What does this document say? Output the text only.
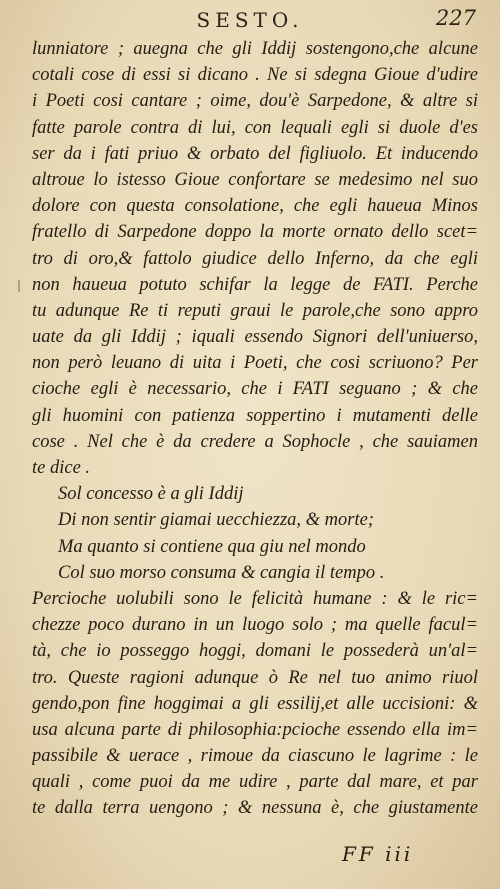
SESTO.	227
lunniatore ; auegna che gli Iddij sostengono,che alcune
cotali cose di essi si dicano . Ne si sdegna Gioue d'udire
i Poeti cosi cantare ; oime, dou'è Sarpedone, & altre si
fatte parole contra di lui, con lequali egli si duole d'es
ser da i fati priuo & orbato del figliuolo. Et inducendo
altroue lo istesso Gioue confortare se medesimo nel suo
dolore con questa consolatione, che egli haueua Minos
fratello di Sarpedone doppo la morte ornato dello scet=
tro di oro,& fattolo giudice dello Inferno, da che egli
non haueua potuto schifar la legge de FATI. Perche
tu adunque Re ti reputi graui le parole,che sono appro
uate da gli Iddij ; iquali essendo Signori dell'uniuerso,
non però leuano di uita i Poeti, che cosi scriuono? Per
cioche egli è necessario, che i FATI seguano ; & che
gli huomini con patienza soppertino i mutamenti delle
cose . Nel che è da credere a Sophocle , che sauiamen
te dice .
Sol concesso è a gli Iddij
Di non sentir giamai uecchiezza, & morte;
Ma quanto si contiene qua giu nel mondo
Col suo morso consuma & cangia il tempo .
Percioche uolubili sono le felicità humane : & le ric=
chezze poco durano in un luogo solo ; ma quelle facul=
tà, che io posseggo hoggi, domani le possederà un'al=
tro. Queste ragioni adunque ò Re nel tuo animo riuol
gendo,pon fine hoggimai a gli essilij,et alle uccisioni: &
usa alcuna parte di philosophia:pcioche essendo ella im=
passibile & uerace , rimoue da ciascuno le lagrime : le
quali , come puoi da me udire , parte dal mare, et par
te dalla terra uengono ; & nessuna è, che giustamente
FF iii
